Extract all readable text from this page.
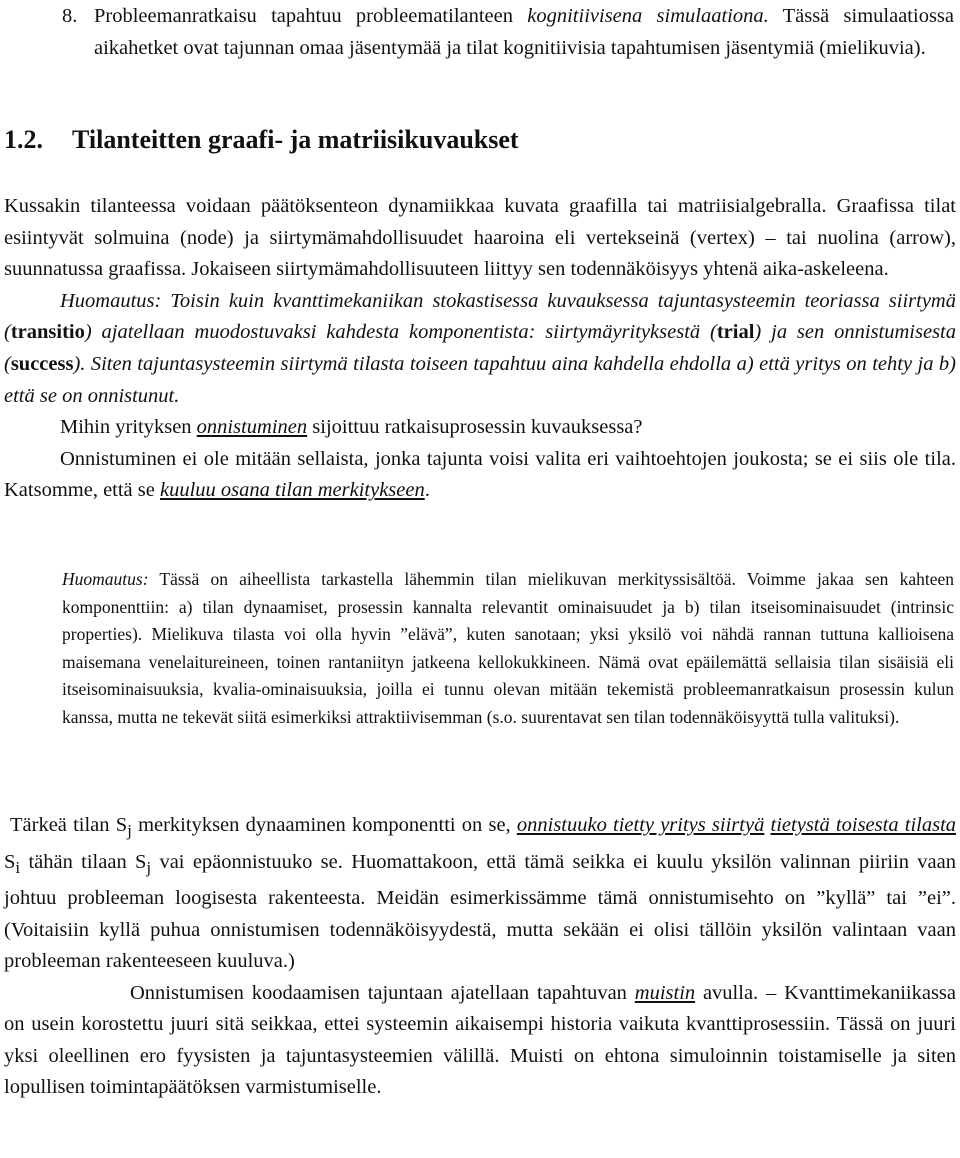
8. Probleemanratkaisu tapahtuu probleematilanteen kognitiivisena simulaationa. Tässä simulaatiossa aikahetket ovat tajunnan omaa jäsentymää ja tilat kognitiivisia tapahtumisen jäsentymiä (mielikuvia).

1.2. Tilanteitten graafi- ja matriisikuvaukset

Kussakin tilanteessa voidaan päätöksenteon dynamiikkaa kuvata graafilla tai matriisialgebralla. Graafissa tilat esiintyvät solmuina (node) ja siirtymämahdollisuudet haaroina eli vertekseinä (vertex) – tai nuolina (arrow), suunnatussa graafissa. Jokaiseen siirtymämahdollisuuteen liittyy sen todennäköisyys yhtenä aika-askeleena.

Huomautus: Toisin kuin kvanttimekaniikan stokastisessa kuvauksessa tajuntasysteemin teoriassa siirtymä (transitio) ajatellaan muodostuvaksi kahdesta komponentista: siirtymäyrityksestä (trial) ja sen onnistumisesta (success). Siten tajuntasysteemin siirtymä tilasta toiseen tapahtuu aina kahdella ehdolla a) että yritys on tehty ja b) että se on onnistunut.

Mihin yrityksen onnistuminen sijoittuu ratkaisuprosessin kuvauksessa?

Onnistuminen ei ole mitään sellaista, jonka tajunta voisi valita eri vaihtoehtojen joukosta; se ei siis ole tila. Katsomme, että se kuuluu osana tilan merkitykseen.

Huomautus: Tässä on aiheellista tarkastella lähemmin tilan mielikuvan merkityssisältöä. Voimme jakaa sen kahteen komponenttiin: a) tilan dynaamiset, prosessin kannalta relevantit ominaisuudet ja b) tilan itseisominaisuudet (intrinsic properties). Mielikuva tilasta voi olla hyvin ”elävä”, kuten sanotaan; yksi yksilö voi nähdä rannan tuttuna kallioisena maisemana venelaitureineen, toinen rantaniityn jatkeena kellokukkineen. Nämä ovat epäilemättä sellaisia tilan sisäisiä eli itseisominaisuuksia, kvalia-ominaisuuksia, joilla ei tunnu olevan mitään tekemistä probleemanratkaisun prosessin kulun kanssa, mutta ne tekevät siitä esimerkiksi attraktiivisemman (s.o. suurentavat sen tilan todennäköisyyttä tulla valituksi).

Tärkeä tilan $S_j$ merkityksen dynaaminen komponentti on se, onnistuuko tietty yritys siirtyä tietystä toisesta tilasta $S_i$ tähän tilaan $S_j$ vai epäonnistuuko se. Huomattakoon, että tämä seikka ei kuulu yksilön valinnan piiriin vaan johtuu probleeman loogisesta rakenteesta. Meidän esimerkissämme tämä onnistumisehto on ”kyllä” tai ”ei”. (Voitaisiin kyllä puhua onnistumisen todennäköisyydestä, mutta sekään ei olisi tällöin yksilön valintaan vaan probleeman rakenteeseen kuuluva.)

Onnistumisen koodaamisen tajuntaan ajatellaan tapahtuvan muistin avulla. – Kvanttimekaniikassa on usein korostettu juuri sitä seikkaa, ettei systeemin aikaisempi historia vaikuta kvanttiprosessiin. Tässä on juuri yksi oleellinen ero fyysisten ja tajuntasysteemien välillä. Muisti on ehtona simuloinnin toistamiselle ja siten lopullisen toimintapäätöksen varmistumiselle.
